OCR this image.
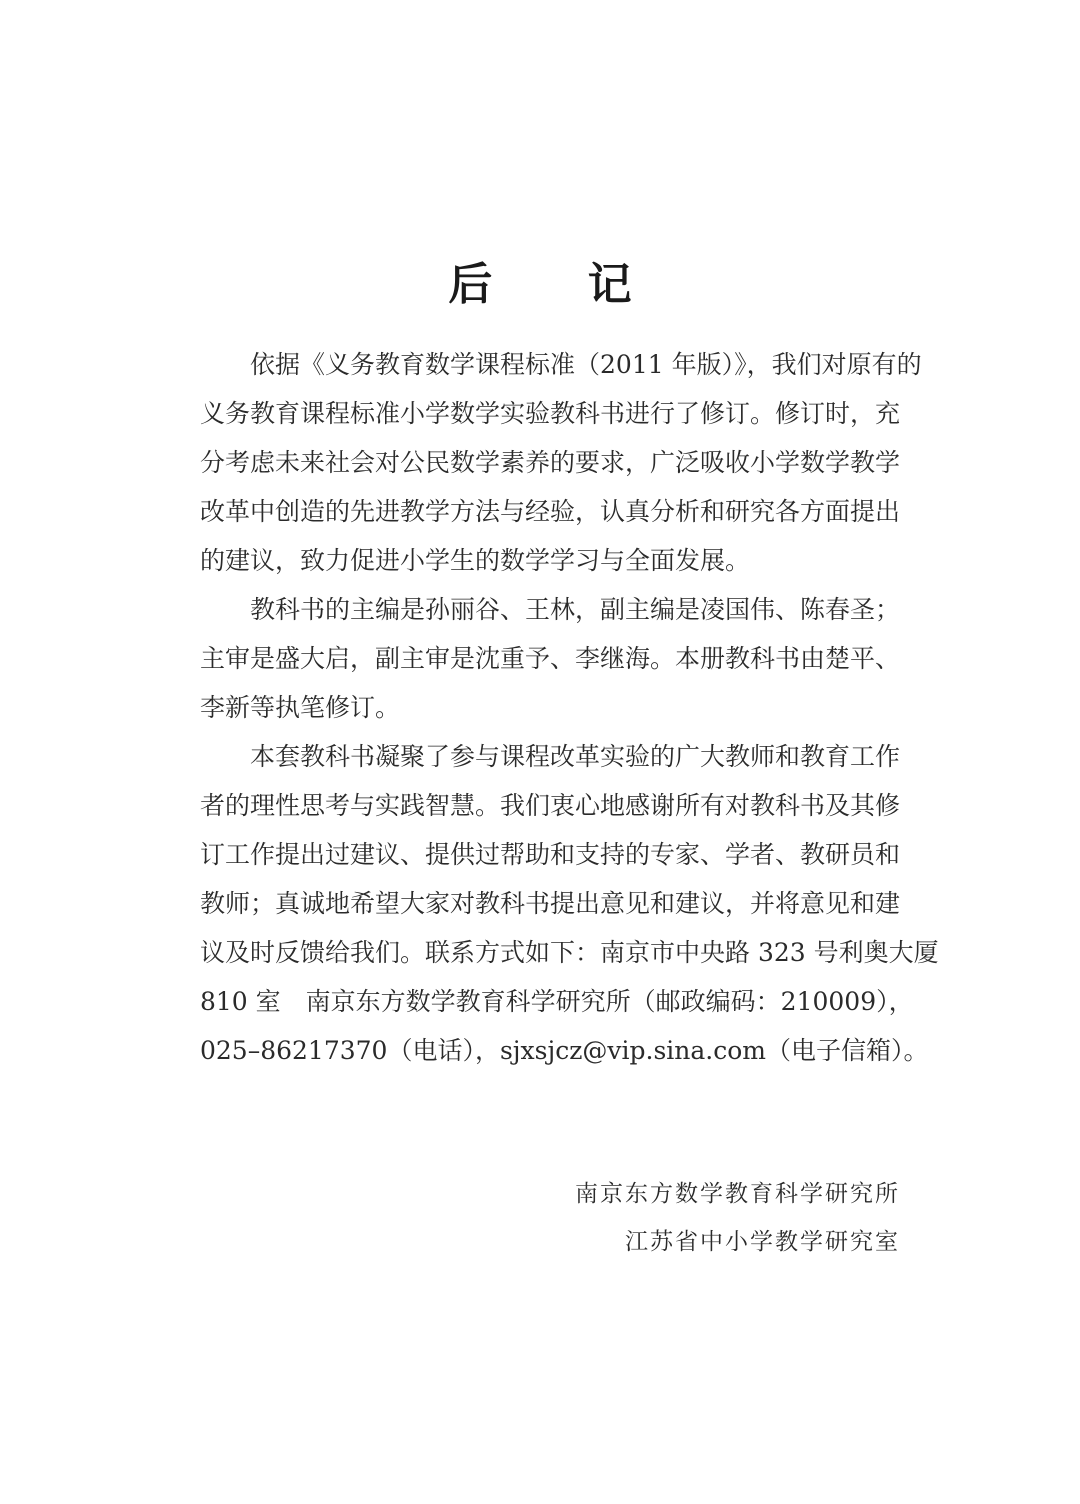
后 记

依据《义务教育数学课程标准（2011 年版）》，我们对原有的
义务教育课程标准小学数学实验教科书进行了修订。修订时，充
分考虑未来社会对公民数学素养的要求，广泛吸收小学数学教学
改革中创造的先进教学方法与经验，认真分析和研究各方面提出
的建议，致力促进小学生的数学学习与全面发展。

教科书的主编是孙丽谷、王林，副主编是凌国伟、陈春圣；
主审是盛大启，副主审是沈重予、李继海。本册教科书由楚平、
李新等执笔修订。

本套教科书凝聚了参与课程改革实验的广大教师和教育工作
者的理性思考与实践智慧。我们衷心地感谢所有对教科书及其修
订工作提出过建议、提供过帮助和支持的专家、学者、教研员和
教师；真诚地希望大家对教科书提出意见和建议，并将意见和建
议及时反馈给我们。联系方式如下：南京市中央路 323 号利奥大厦
810 室　南京东方数学教育科学研究所（邮政编码：210009），
025–86217370（电话），sjxsjcz@vip.sina.com（电子信箱）。

南京东方数学教育科学研究所
江苏省中小学教学研究室
